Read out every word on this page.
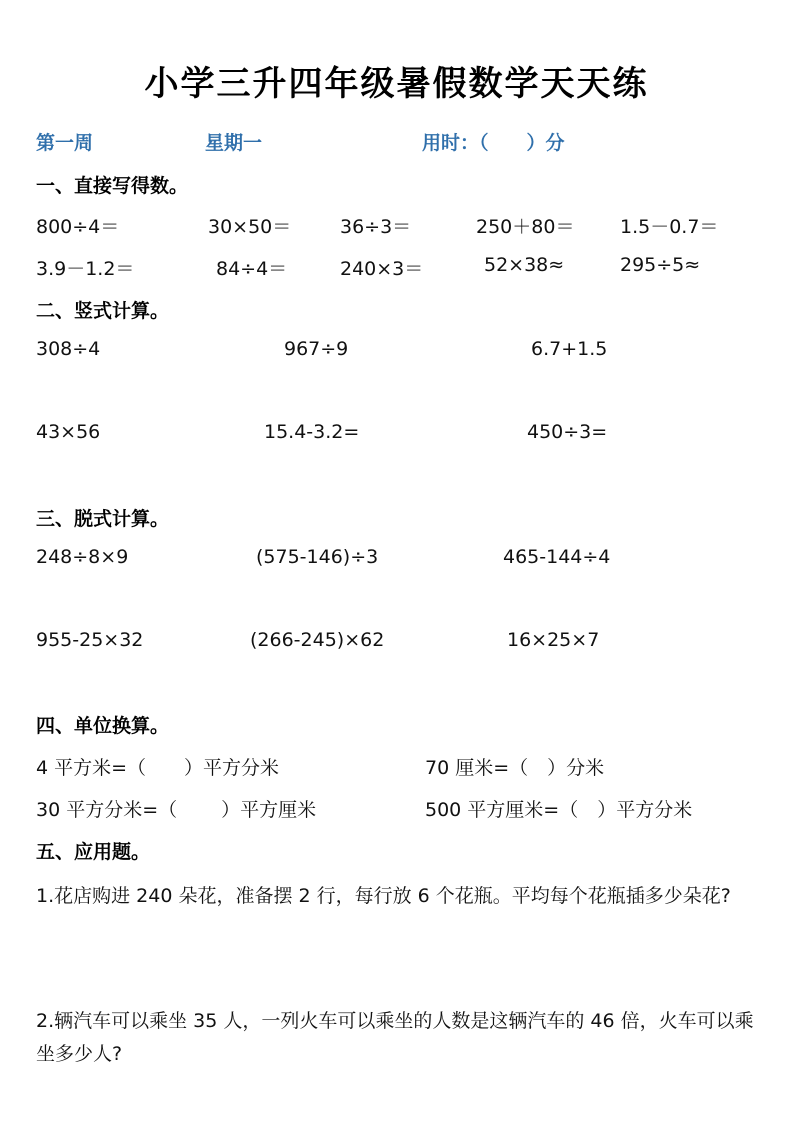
小学三升四年级暑假数学天天练
第一周	星期一	用时：（　　）分
一、直接写得数。
800÷4＝	30×50＝	36÷3＝	250＋80＝ 1.5－0.7＝
3.9－1.2＝	84÷4＝	240×3＝	52×38≈	295÷5≈
二、竖式计算。
308÷4	967÷9	6.7+1.5
43×56	15.4-3.2=	450÷3=
三、脱式计算。
248÷8×9	(575-146)÷3	465-144÷4
955-25×32	(266-245)×62	16×25×7
四、单位换算。
4 平方米=（　　）平方分米	70 厘米=（　）分米
30 平方分米=（　　 ）平方厘米	500 平方厘米=（　）平方分米
五、应用题。
1.花店购进 240 朵花，准备摆 2 行，每行放 6 个花瓶。平均每个花瓶插多少朵花?
2.辆汽车可以乘坐 35 人，一列火车可以乘坐的人数是这辆汽车的 46 倍，火车可以乘坐多少人?
